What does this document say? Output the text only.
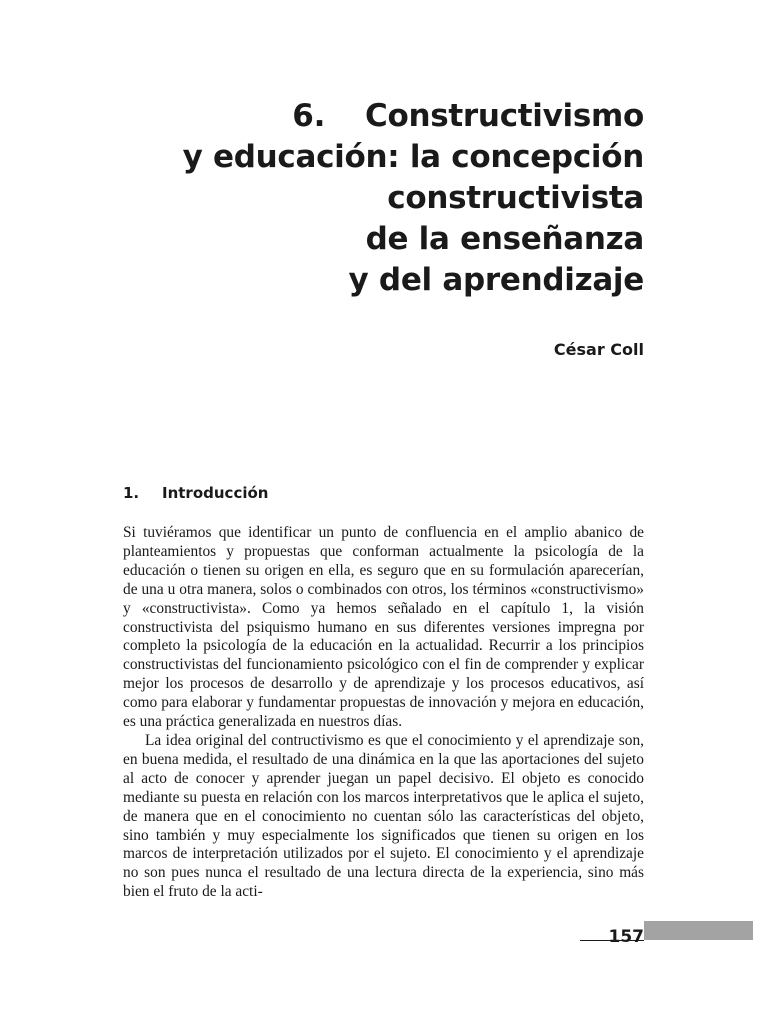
6. Constructivismo
y educación: la concepción
constructivista
de la enseñanza
y del aprendizaje
César Coll
1. Introducción

Si tuviéramos que identificar un punto de confluencia en el amplio abanico de planteamientos y propuestas que conforman actualmente la psicología de la educación o tienen su origen en ella, es seguro que en su formulación aparecerían, de una u otra manera, solos o combinados con otros, los términos «constructivismo» y «constructivista». Como ya hemos señalado en el capítulo 1, la visión constructivista del psiquismo humano en sus diferentes versiones impregna por completo la psicología de la educación en la actualidad. Recurrir a los principios constructivistas del funcionamiento psicológico con el fin de comprender y explicar mejor los procesos de desarrollo y de aprendizaje y los procesos educativos, así como para elaborar y fundamentar propuestas de innovación y mejora en educación, es una práctica generalizada en nuestros días.

La idea original del contructivismo es que el conocimiento y el aprendizaje son, en buena medida, el resultado de una dinámica en la que las aportaciones del sujeto al acto de conocer y aprender juegan un papel decisivo. El objeto es conocido mediante su puesta en relación con los marcos interpretativos que le aplica el sujeto, de manera que en el conocimiento no cuentan sólo las características del objeto, sino también y muy especialmente los significados que tienen su origen en los marcos de interpretación utilizados por el sujeto. El conocimiento y el aprendizaje no son pues nunca el resultado de una lectura directa de la experiencia, sino más bien el fruto de la acti-

157
